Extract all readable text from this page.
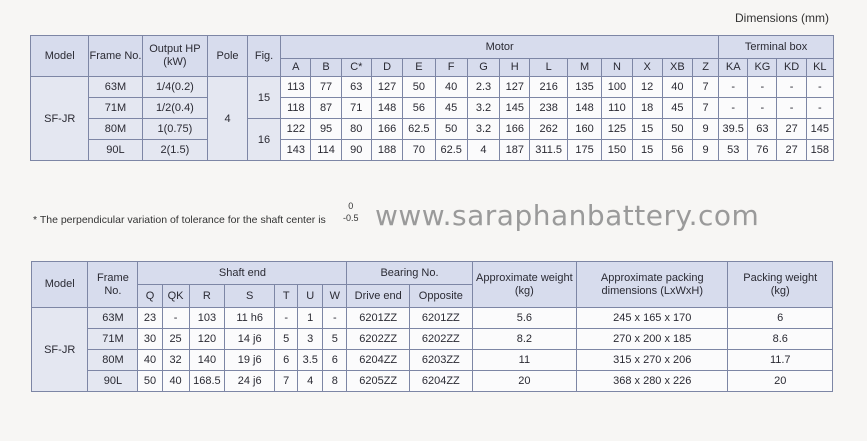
Dimensions (mm)
Model	Frame No.	Output HP (kW)	Pole	Fig.	Motor														Terminal box			
					A	B	C*	D	E	F	G	H	L	M	N	X	XB	Z	KA	KG	KD	KL
SF-JR	63M	1/4(0.2)	4	15	113	77	63	127	50	40	2.3	127	216	135	100	12	40	7	-	-	-	-
	71M	1/2(0.4)			118	87	71	148	56	45	3.2	145	238	148	110	18	45	7	-	-	-	-
	80M	1(0.75)		16	122	95	80	166	62.5	50	3.2	166	262	160	125	15	50	9	39.5	63	27	145
	90L	2(1.5)			143	114	90	188	70	62.5	4	187	311.5	175	150	15	56	9	53	76	27	158
* The perpendicular variation of tolerance for the shaft center is
0
-0.5 www.saraphanbattery.com
Model	Frame No.	Shaft end							Bearing No.		Approximate weight (kg)	Approximate packing dimensions (LxWxH)	Packing weight (kg)
		Q	QK	R	S	T	U	W	Drive end	Opposite			
SF-JR	63M	23	-	103	11 h6	-	1	-	6201ZZ	6201ZZ	5.6	245 x 165 x 170	6
	71M	30	25	120	14 j6	5	3	5	6202ZZ	6202ZZ	8.2	270 x 200 x 185	8.6
	80M	40	32	140	19 j6	6	3.5	6	6204ZZ	6203ZZ	11	315 x 270 x 206	11.7
	90L	50	40	168.5	24 j6	7	4	8	6205ZZ	6204ZZ	20	368 x 280 x 226	20
